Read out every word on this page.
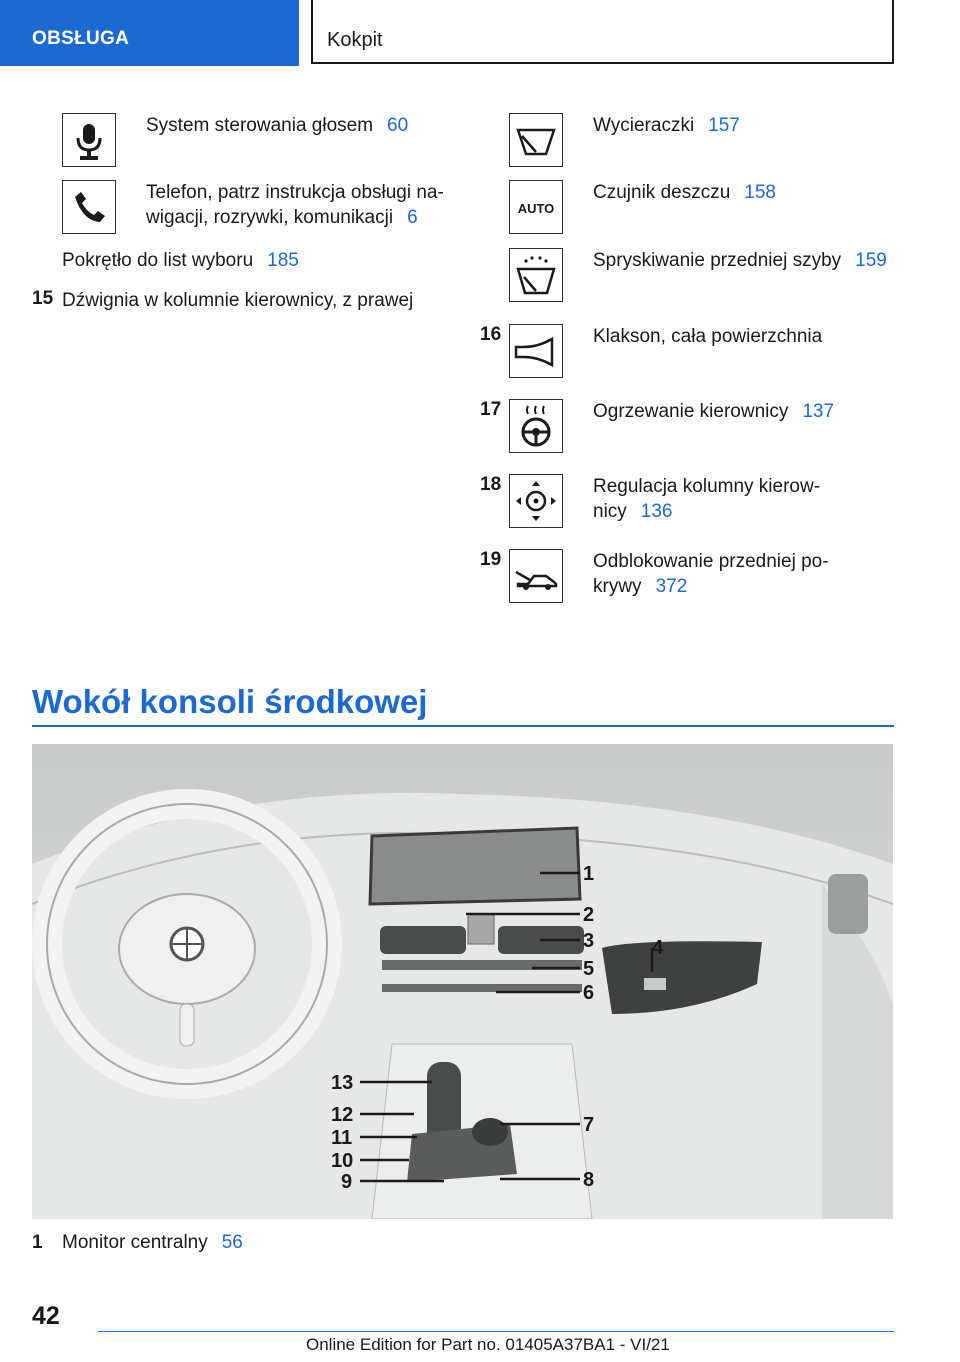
OBSŁUGA	Kokpit
System sterowania głosem 60
Telefon, patrz instrukcja obsługi na-
wigacji, rozrywki, komunikacji 6
Pokrętło do list wyboru 185
15 Dźwignia w kolumnie kierownicy, z prawej
Wycieraczki 157
AUTO
Czujnik deszczu 158
Spryskiwanie przedniej szyby 159
16	Klakson, cała powierzchnia
17	Ogrzewanie kierownicy 137
18	Regulacja kolumny kierow-
nicy 136
19	Odblokowanie przedniej po-
krywy 372
Wokół konsoli środkowej
1
2
3	4
5
6
7
8
9
10
11
12
13
1 Monitor centralny 56
42
Online Edition for Part no. 01405A37BA1 - VI/21
